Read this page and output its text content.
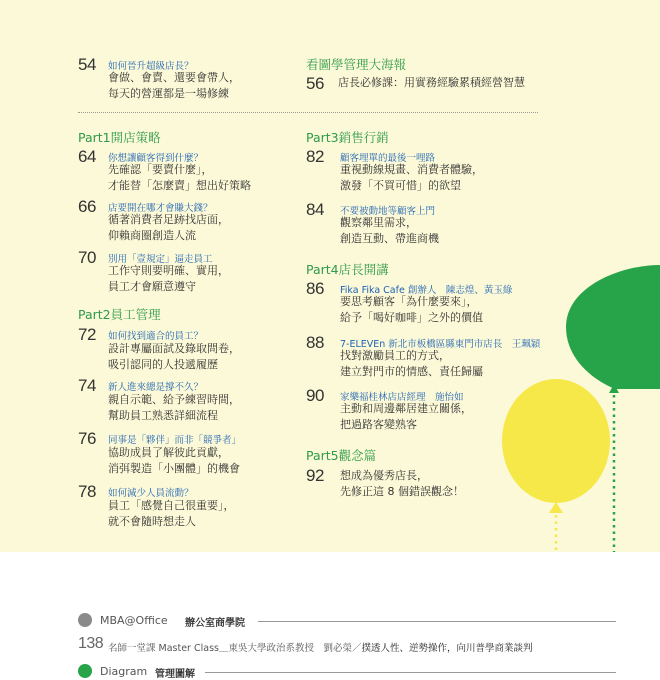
54 如何晉升超級店長？
會做、會賣、還要會帶人，
每天的營運都是一場修練
看圖學管理大海報
56 店長必修課：用實務經驗累積經營智慧
Part1開店策略
64 你想讓顧客得到什麼？
先確認「要賣什麼」，
才能替「怎麼賣」想出好策略
66 店要開在哪才會賺大錢？
循著消費者足跡找店面，
仰賴商圈創造人流
70 別用「壹規定」逼走員工
工作守則要明確、實用，
員工才會願意遵守
Part2員工管理
72 如何找到適合的員工？
設計專屬面試及錄取問卷，
吸引認同的人投遞履歷
74 新人進來總是撐不久？
親自示範、給予練習時間，
幫助員工熟悉詳細流程
76 同事是「夥伴」而非「競爭者」
協助成員了解彼此貢獻，
消弭製造「小團體」的機會
78 如何減少人員流動？
員工「感覺自己很重要」，
就不會隨時想走人
Part3銷售行銷
82 顧客埋單的最後一哩路
重視動線規畫、消費者體驗，
激發「不買可惜」的欲望
84 不要被動地等顧客上門
觀察鄰里需求，
創造互動、帶進商機
Part4店長開講
86 Fika Fika Cafe 創辦人　陳志煌、黃玉綠
要思考顧客「為什麼要來」，
給予「喝好咖啡」之外的價值
88 7-ELEVEn 新北市板橋區縣東門市店長　王珮穎
找對激勵員工的方式，
建立對門市的情感、責任歸屬
90 家樂福桂林店店經理　施怡如
主動和周邊鄰居建立關係，
把過路客變熟客
Part5觀念篇
92 想成為優秀店長，
先修正這 8 個錯誤觀念！
MBA@Office 辦公室商學院
138 名師一堂課 Master Class＿東吳大學政治系教授　劉必榮／撲透人性、逆勢操作，向川普學商業談判
Diagram 管理圖解
